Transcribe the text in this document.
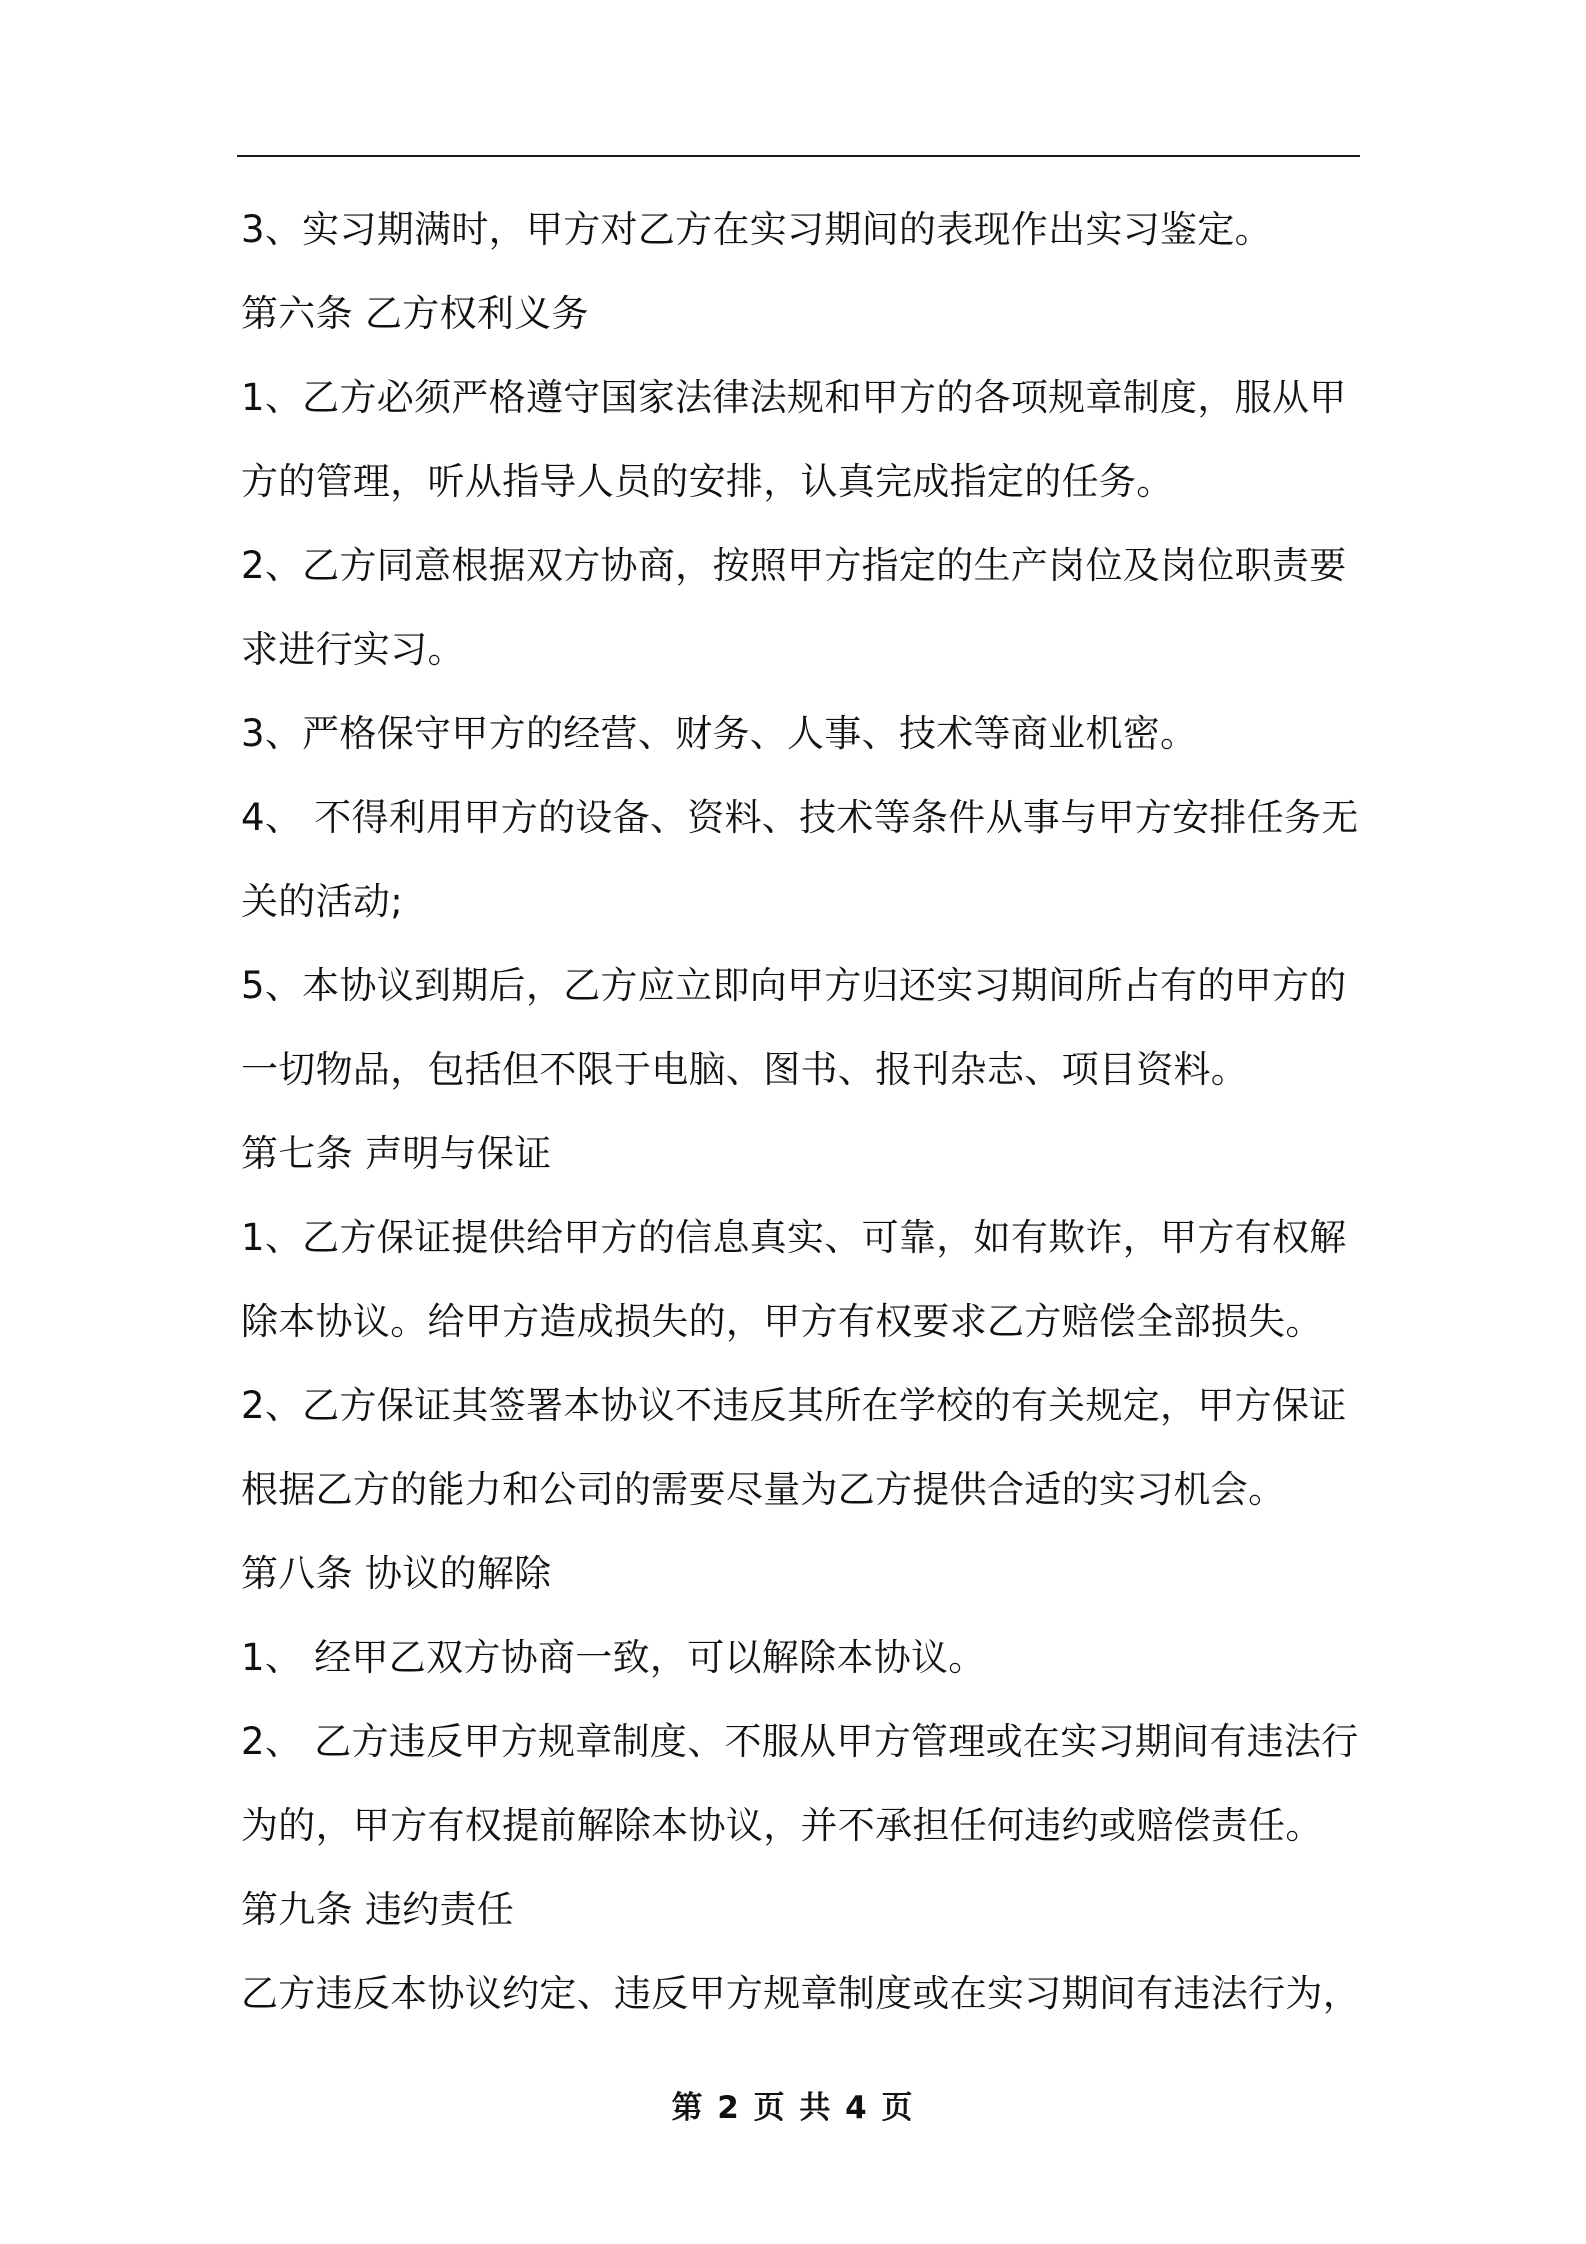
3、实习期满时，甲方对乙方在实习期间的表现作出实习鉴定。
第六条 乙方权利义务
1、乙方必须严格遵守国家法律法规和甲方的各项规章制度，服从甲
方的管理，听从指导人员的安排，认真完成指定的任务。
2、乙方同意根据双方协商，按照甲方指定的生产岗位及岗位职责要
求进行实习。
3、严格保守甲方的经营、财务、人事、技术等商业机密。
4、 不得利用甲方的设备、资料、技术等条件从事与甲方安排任务无
关的活动;
5、本协议到期后，乙方应立即向甲方归还实习期间所占有的甲方的
一切物品，包括但不限于电脑、图书、报刊杂志、项目资料。
第七条 声明与保证
1、乙方保证提供给甲方的信息真实、可靠，如有欺诈，甲方有权解
除本协议。给甲方造成损失的，甲方有权要求乙方赔偿全部损失。
2、乙方保证其签署本协议不违反其所在学校的有关规定，甲方保证
根据乙方的能力和公司的需要尽量为乙方提供合适的实习机会。
第八条 协议的解除
1、 经甲乙双方协商一致，可以解除本协议。
2、 乙方违反甲方规章制度、不服从甲方管理或在实习期间有违法行
为的，甲方有权提前解除本协议，并不承担任何违约或赔偿责任。
第九条 违约责任
乙方违反本协议约定、违反甲方规章制度或在实习期间有违法行为，
第 2 页 共 4 页
